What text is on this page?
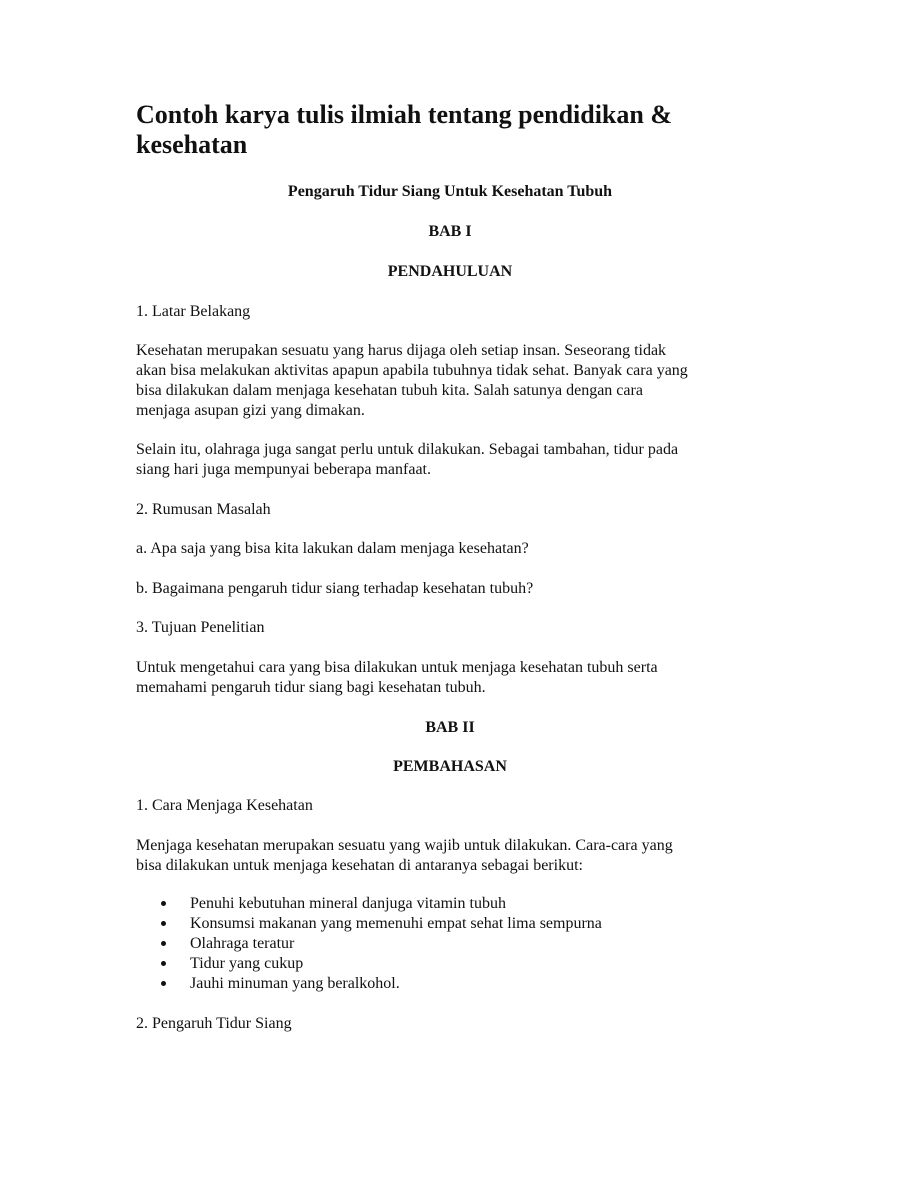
Contoh karya tulis ilmiah tentang pendidikan & kesehatan

Pengaruh Tidur Siang Untuk Kesehatan Tubuh

BAB I

PENDAHULUAN

1. Latar Belakang

Kesehatan merupakan sesuatu yang harus dijaga oleh setiap insan. Seseorang tidak
akan bisa melakukan aktivitas apapun apabila tubuhnya tidak sehat. Banyak cara yang
bisa dilakukan dalam menjaga kesehatan tubuh kita. Salah satunya dengan cara
menjaga asupan gizi yang dimakan.

Selain itu, olahraga juga sangat perlu untuk dilakukan. Sebagai tambahan, tidur pada
siang hari juga mempunyai beberapa manfaat.

2. Rumusan Masalah

a. Apa saja yang bisa kita lakukan dalam menjaga kesehatan?

b. Bagaimana pengaruh tidur siang terhadap kesehatan tubuh?

3. Tujuan Penelitian

Untuk mengetahui cara yang bisa dilakukan untuk menjaga kesehatan tubuh serta
memahami pengaruh tidur siang bagi kesehatan tubuh.

BAB II

PEMBAHASAN

1. Cara Menjaga Kesehatan

Menjaga kesehatan merupakan sesuatu yang wajib untuk dilakukan. Cara-cara yang
bisa dilakukan untuk menjaga kesehatan di antaranya sebagai berikut:

Penuhi kebutuhan mineral danjuga vitamin tubuh
Konsumsi makanan yang memenuhi empat sehat lima sempurna
Olahraga teratur
Tidur yang cukup
Jauhi minuman yang beralkohol.

2. Pengaruh Tidur Siang
